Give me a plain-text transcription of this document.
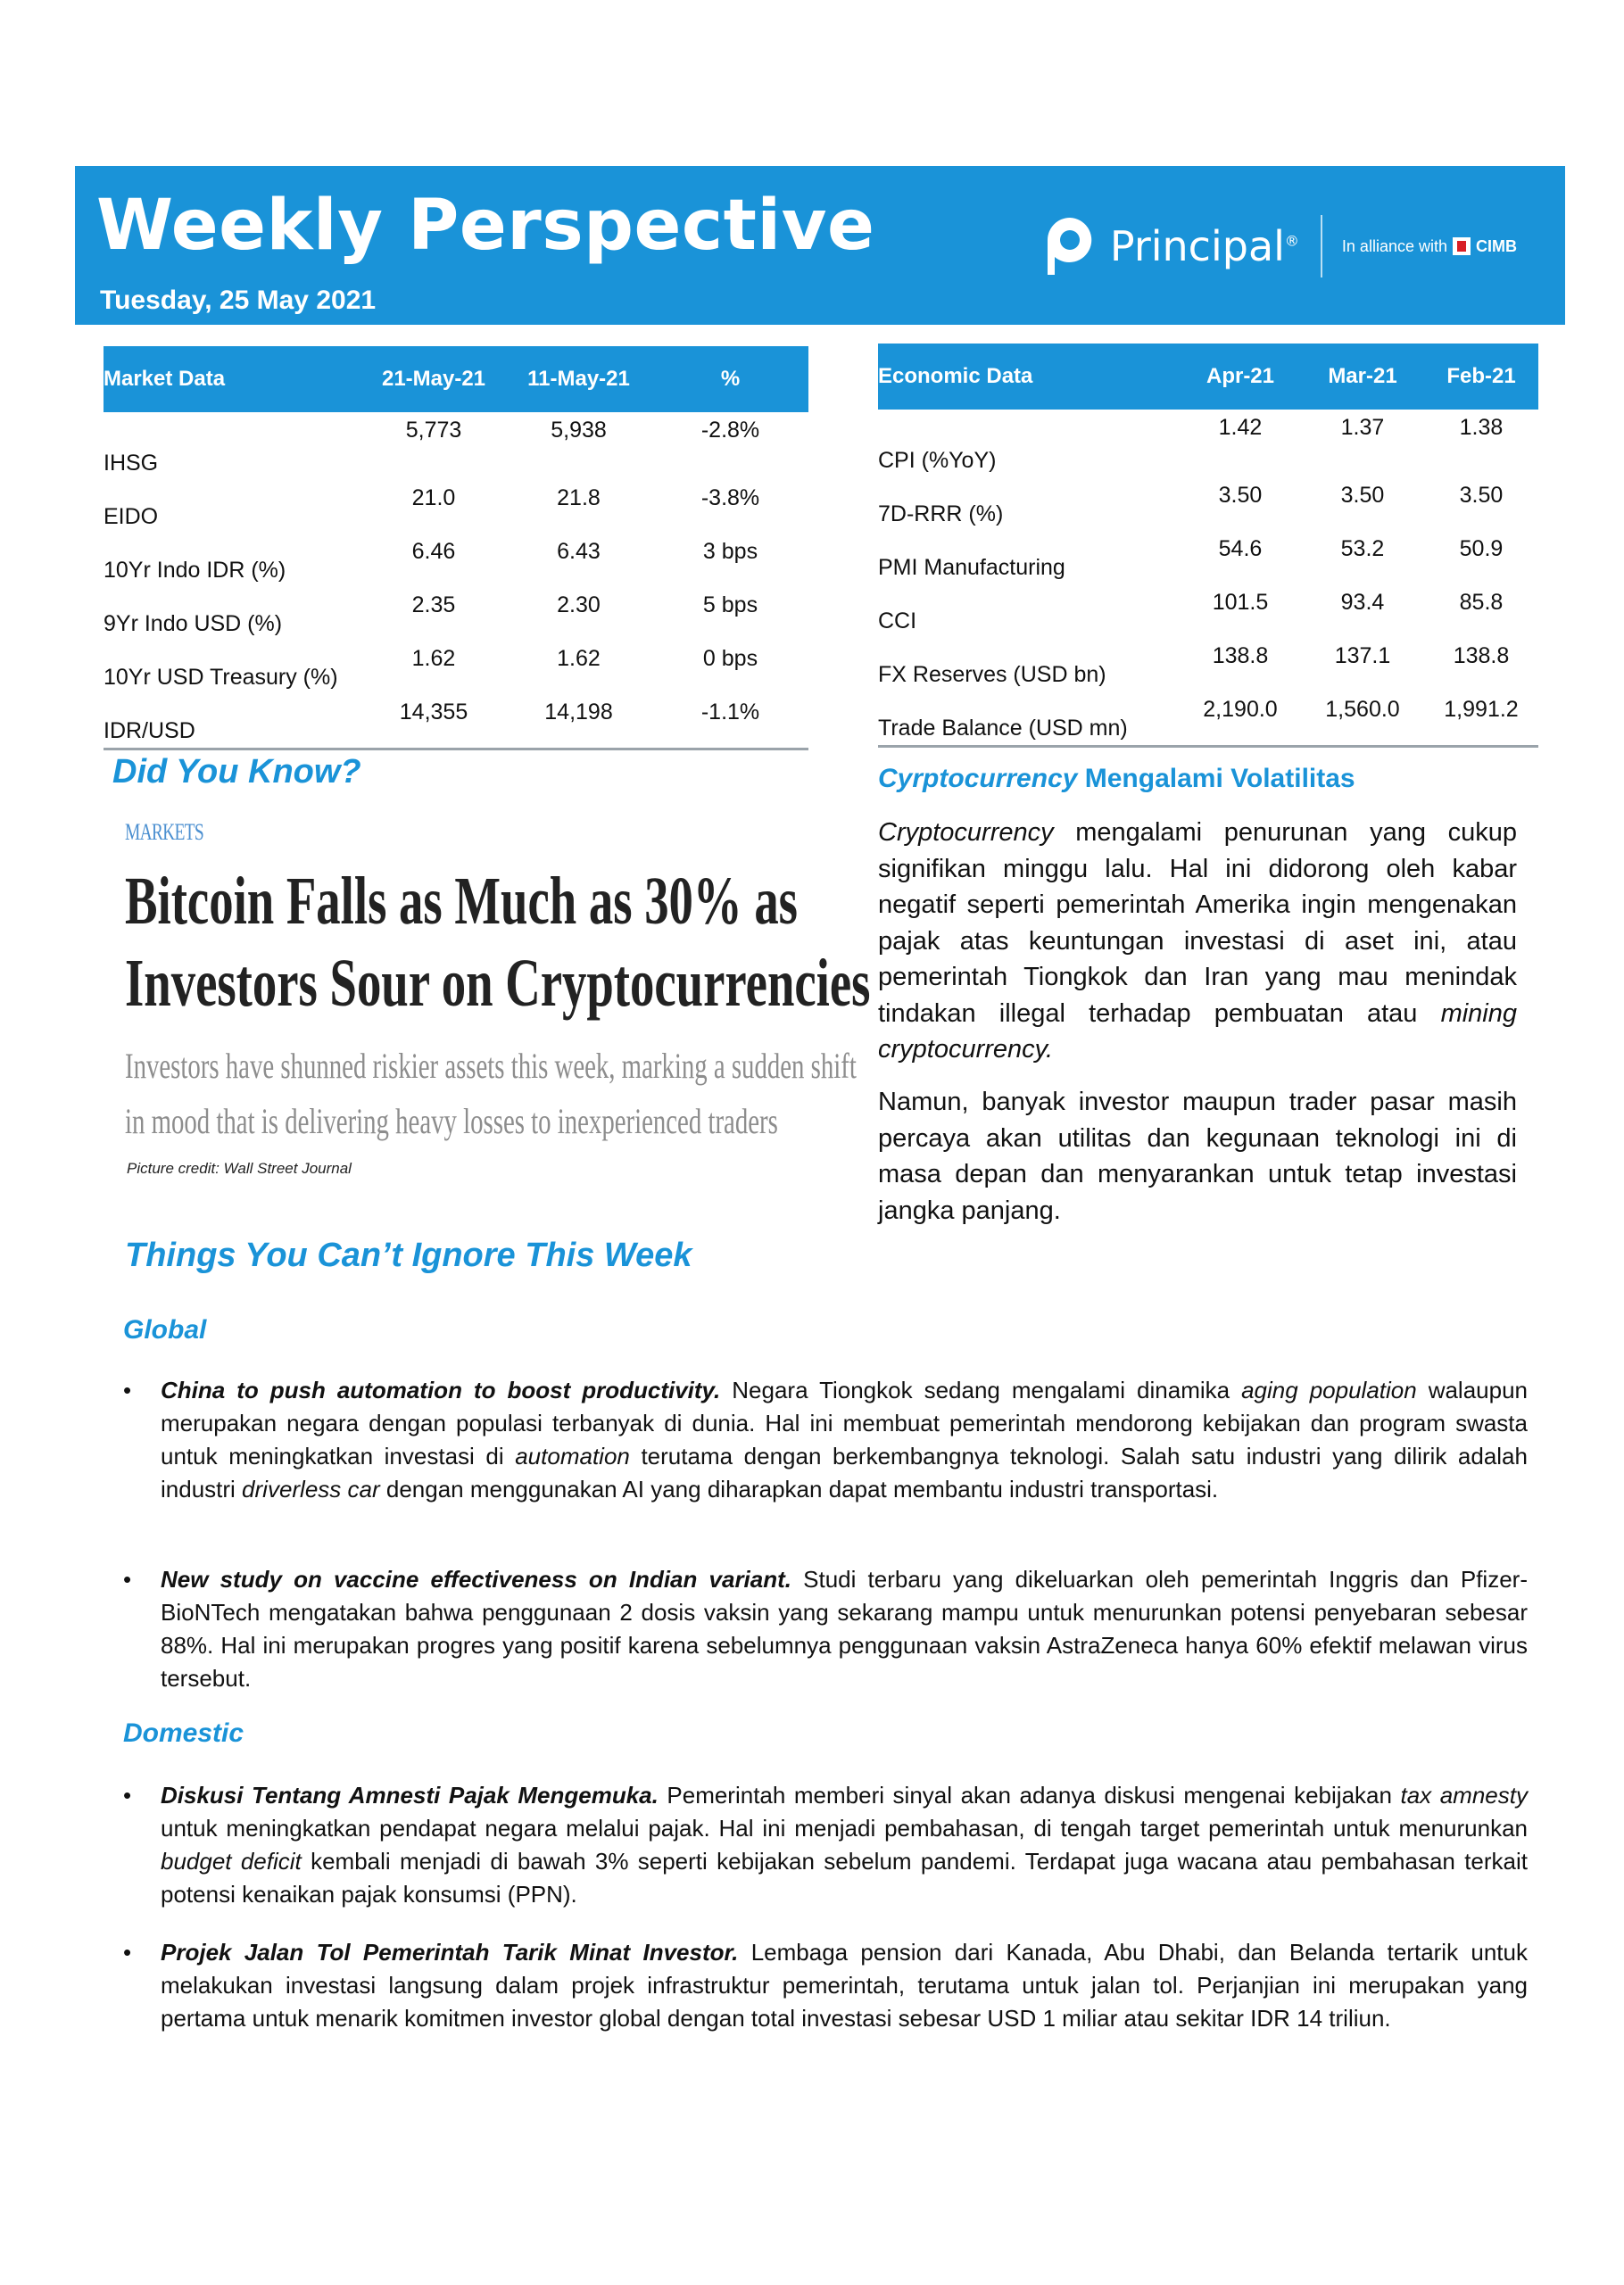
Weekly Perspective
Tuesday, 25 May 2021
Principal®	In alliance with CIMB
Market Data	21-May-21	11-May-21	%
IHSG	5,773	5,938	-2.8%
EIDO	21.0	21.8	-3.8%
10Yr Indo IDR (%)	6.46	6.43	3 bps
9Yr Indo USD (%)	2.35	2.30	5 bps
10Yr USD Treasury (%)	1.62	1.62	0 bps
IDR/USD	14,355	14,198	-1.1%
Economic Data	Apr-21	Mar-21	Feb-21
CPI (%YoY)	1.42	1.37	1.38
7D-RRR (%)	3.50	3.50	3.50
PMI Manufacturing	54.6	53.2	50.9
CCI	101.5	93.4	85.8
FX Reserves (USD bn)	138.8	137.1	138.8
Trade Balance (USD mn)	2,190.0	1,560.0	1,991.2
Did You Know?
MARKETS
Bitcoin Falls as Much as 30% as
Investors Sour on Cryptocurrencies
Investors have shunned riskier assets this week, marking a sudden shift
in mood that is delivering heavy losses to inexperienced traders
Picture credit: Wall Street Journal
Cyrptocurrency Mengalami Volatilitas

Cryptocurrency mengalami penurunan yang cukup signifikan minggu lalu. Hal ini didorong oleh kabar negatif seperti pemerintah Amerika ingin mengenakan pajak atas keuntungan investasi di aset ini, atau pemerintah Tiongkok dan Iran yang mau menindak tindakan illegal terhadap pembuatan atau mining cryptocurrency.

Namun, banyak investor maupun trader pasar masih percaya akan utilitas dan kegunaan teknologi ini di masa depan dan menyarankan untuk tetap investasi jangka panjang.

Things You Can’t Ignore This Week
Global
• China to push automation to boost productivity. Negara Tiongkok sedang mengalami dinamika aging population walaupun merupakan negara dengan populasi terbanyak di dunia. Hal ini membuat pemerintah mendorong kebijakan dan program swasta untuk meningkatkan investasi di automation terutama dengan berkembangnya teknologi. Salah satu industri yang dilirik adalah industri driverless car dengan menggunakan AI yang diharapkan dapat membantu industri transportasi.
• New study on vaccine effectiveness on Indian variant. Studi terbaru yang dikeluarkan oleh pemerintah Inggris dan Pfizer-BioNTech mengatakan bahwa penggunaan 2 dosis vaksin yang sekarang mampu untuk menurunkan potensi penyebaran sebesar 88%. Hal ini merupakan progres yang positif karena sebelumnya penggunaan vaksin AstraZeneca hanya 60% efektif melawan virus tersebut.
Domestic
• Diskusi Tentang Amnesti Pajak Mengemuka. Pemerintah memberi sinyal akan adanya diskusi mengenai kebijakan tax amnesty untuk meningkatkan pendapat negara melalui pajak. Hal ini menjadi pembahasan, di tengah target pemerintah untuk menurunkan budget deficit kembali menjadi di bawah 3% seperti kebijakan sebelum pandemi. Terdapat juga wacana atau pembahasan terkait potensi kenaikan pajak konsumsi (PPN).
• Projek Jalan Tol Pemerintah Tarik Minat Investor. Lembaga pension dari Kanada, Abu Dhabi, dan Belanda tertarik untuk melakukan investasi langsung dalam projek infrastruktur pemerintah, terutama untuk jalan tol. Perjanjian ini merupakan yang pertama untuk menarik komitmen investor global dengan total investasi sebesar USD 1 miliar atau sekitar IDR 14 triliun.
